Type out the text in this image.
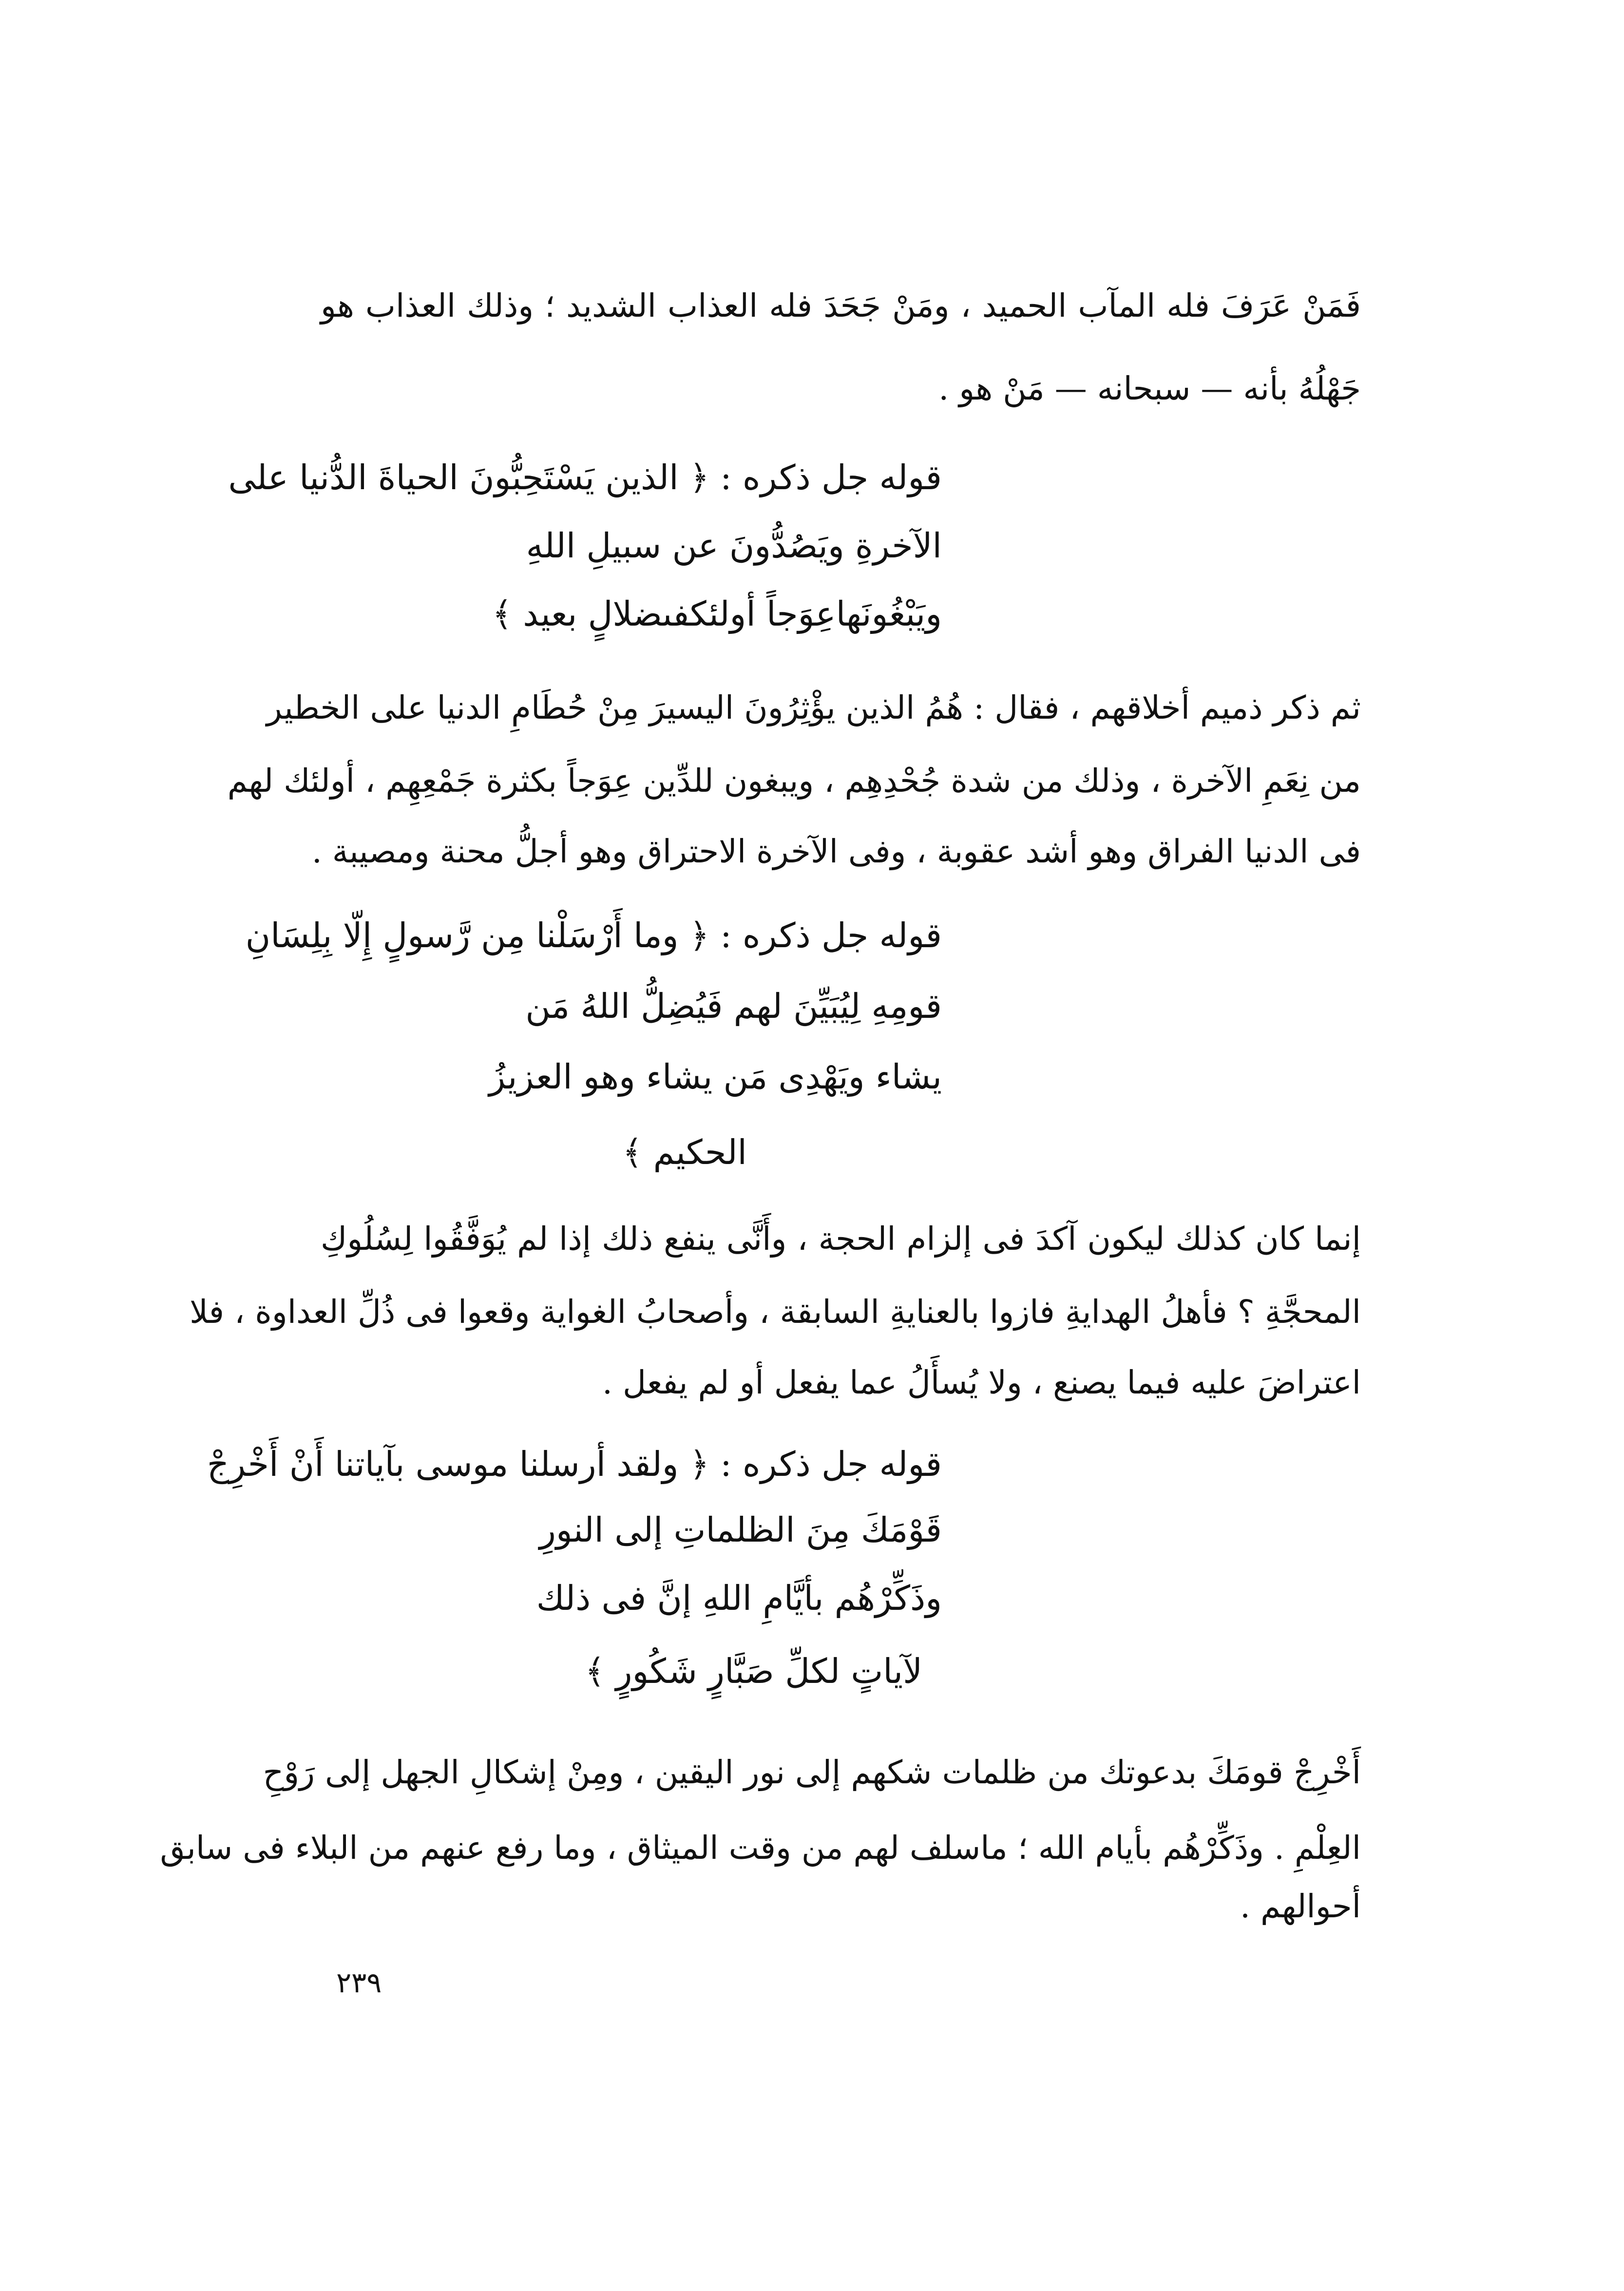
فَمَنْ عَرَفَ فله المآب الحميد ، ومَنْ جَحَدَ فله العذاب الشديد ؛ وذلك العذاب هو
جَهْلُهُ بأنه — سبحانه — مَنْ هو .
قوله جل ذكره : ﴿ الذين يَسْتَحِبُّونَ الحياةَ الدُّنيا على
الآخرةِ ويَصُدُّونَ عن سبيلِ اللهِ
ويَبْغُونَهاعِوَجاً أولئكفىضلالٍ بعيد ﴾
ثم ذكر ذميم أخلاقهم ، فقال : هُمُ الذين يؤْثِرُونَ اليسيرَ مِنْ حُطَامِ الدنيا على الخطير
من نِعَمِ الآخرة ، وذلك من شدة جُحْدِهِم ، ويبغون للدِّين عِوَجاً بكثرة جَمْعِهِم ، أولئك لهم
فى الدنيا الفراق وهو أشد عقوبة ، وفى الآخرة الاحتراق وهو أجلُّ محنة ومصيبة .
قوله جل ذكره : ﴿ وما أَرْسَلْنا مِن رَّسولٍ إِلّا بِلِسَانِ
قومِهِ لِيُبَيِّنَ لهم فَيُضِلُّ اللهُ مَن
يشاء ويَهْدِى مَن يشاء وهو العزيزُ
الحكيم ﴾
إنما كان كذلك ليكون آكدَ فى إلزام الحجة ، وأَنَّى ينفع ذلك إذا لم يُوَفَّقُوا لِسُلُوكِ
المحجَّةِ ؟ فأهلُ الهدايةِ فازوا بالعنايةِ السابقة ، وأصحابُ الغواية وقعوا فى ذُلِّ العداوة ، فلا
اعتراضَ عليه فيما يصنع ، ولا يُسأَلُ عما يفعل أو لم يفعل .
قوله جل ذكره : ﴿ ولقد أرسلنا موسى بآياتنا أَنْ أَخْرِجْ
قَوْمَكَ مِنَ الظلماتِ إلى النورِ
وذَكِّرْهُم بأيَّامِ اللهِ إنَّ فى ذلك
لآياتٍ لكلِّ صَبَّارٍ شَكُورٍ ﴾
أَخْرِجْ قومَكَ بدعوتك من ظلمات شكهم إلى نور اليقين ، ومِنْ إشكالِ الجهل إلى رَوْحِ
العِلْمِ . وذَكِّرْهُم بأيام الله ؛ ماسلف لهم من وقت الميثاق ، وما رفع عنهم من البلاء فى سابق
أحوالهم .
٢٣٩
